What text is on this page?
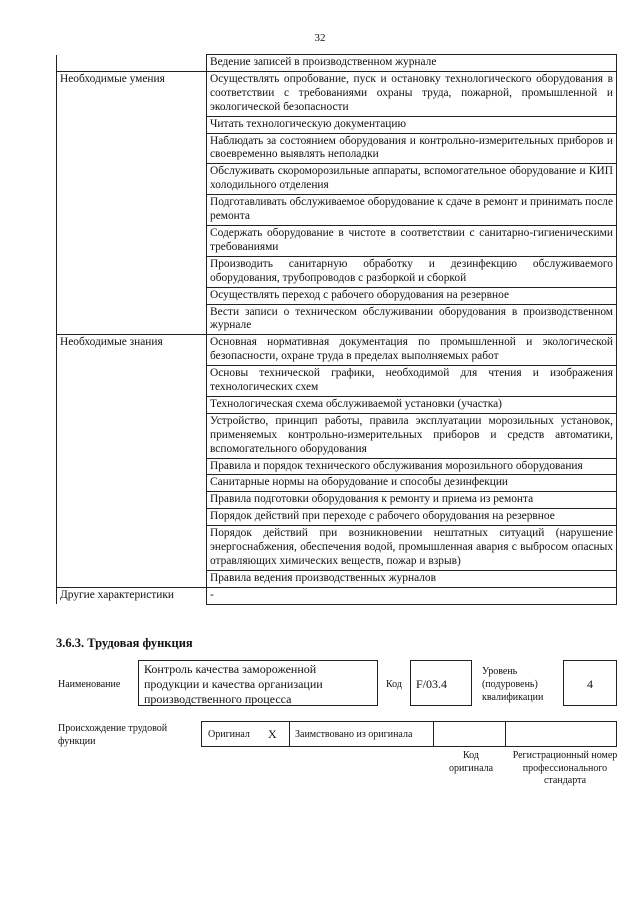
32
	Ведение записей в производственном журнале
Необходимые умения	Осуществлять опробование, пуск и остановку технологического оборудования в соответствии с требованиями охраны труда, пожарной, промышленной и экологической безопасности
	Читать технологическую документацию
	Наблюдать за состоянием оборудования и контрольно-измерительных приборов и своевременно выявлять неполадки
	Обслуживать скороморозильные аппараты, вспомогательное оборудование и КИП холодильного отделения
	Подготавливать обслуживаемое оборудование к сдаче в ремонт и принимать после ремонта
	Содержать оборудование в чистоте в соответствии с санитарно-гигиеническими требованиями
	Производить санитарную обработку и дезинфекцию обслуживаемого оборудования, трубопроводов с разборкой и сборкой
	Осуществлять переход с рабочего оборудования на резервное
	Вести записи о техническом обслуживании оборудования в производственном журнале
Необходимые знания	Основная нормативная документация по промышленной и экологической безопасности, охране труда в пределах выполняемых работ
	Основы технической графики, необходимой для чтения и изображения технологических схем
	Технологическая схема обслуживаемой установки (участка)
	Устройство, принцип работы, правила эксплуатации морозильных установок, применяемых контрольно-измерительных приборов и средств автоматики, вспомогательного оборудования
	Правила и порядок технического обслуживания морозильного оборудования
	Санитарные нормы на оборудование и способы дезинфекции
	Правила подготовки оборудования к ремонту и приема из ремонта
	Порядок действий при переходе с рабочего оборудования на резервное
	Порядок действий при возникновении нештатных ситуаций (нарушение энергоснабжения, обеспечения водой, промышленная авария с выбросом опасных отравляющих химических веществ, пожар и взрыв)
	Правила ведения производственных журналов
Другие характеристики	-
3.6.3. Трудовая функция
Наименование
Контроль качества замороженной продукции и качества организации производственного процесса
Код	F/03.4
Уровень (подуровень) квалификации
4
Происхождение трудовой функции
Оригинал X Заимствовано из оригинала
Код оригинала
Регистрационный номер профессионального стандарта
